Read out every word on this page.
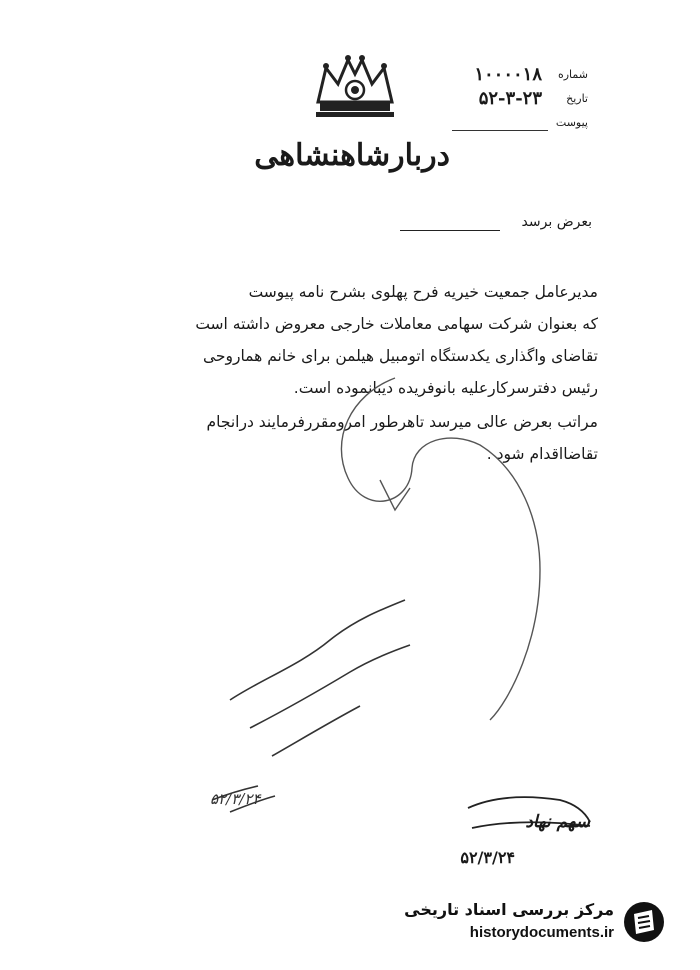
دربارشاهنشاهی
شماره
۱۰۰۰۰۱۸
تاریخ
۵۲-۳-۲۳
پیوست
بعرض برسد
مدیرعامل جمعیت خیریه فرح پهلوی بشرح نامه پیوست
که بعنوان شرکت سهامی معاملات خارجی معروض داشته است
تقاضای واگذاری یکدستگاه اتومبیل هیلمن برای خانم هماروحی
رئیس دفترسرکارعلیه بانوفریده دیبانموده است.
مراتب بعرض عالی میرسد تاهرطور امرومقررفرمایند درانجام
تقاضااقدام شود .
۵۲/۳/۲۴
سهم نهاد
۵۲/۳/۲۴
مرکز بررسی اسناد تاریخی
historydocuments.ir
